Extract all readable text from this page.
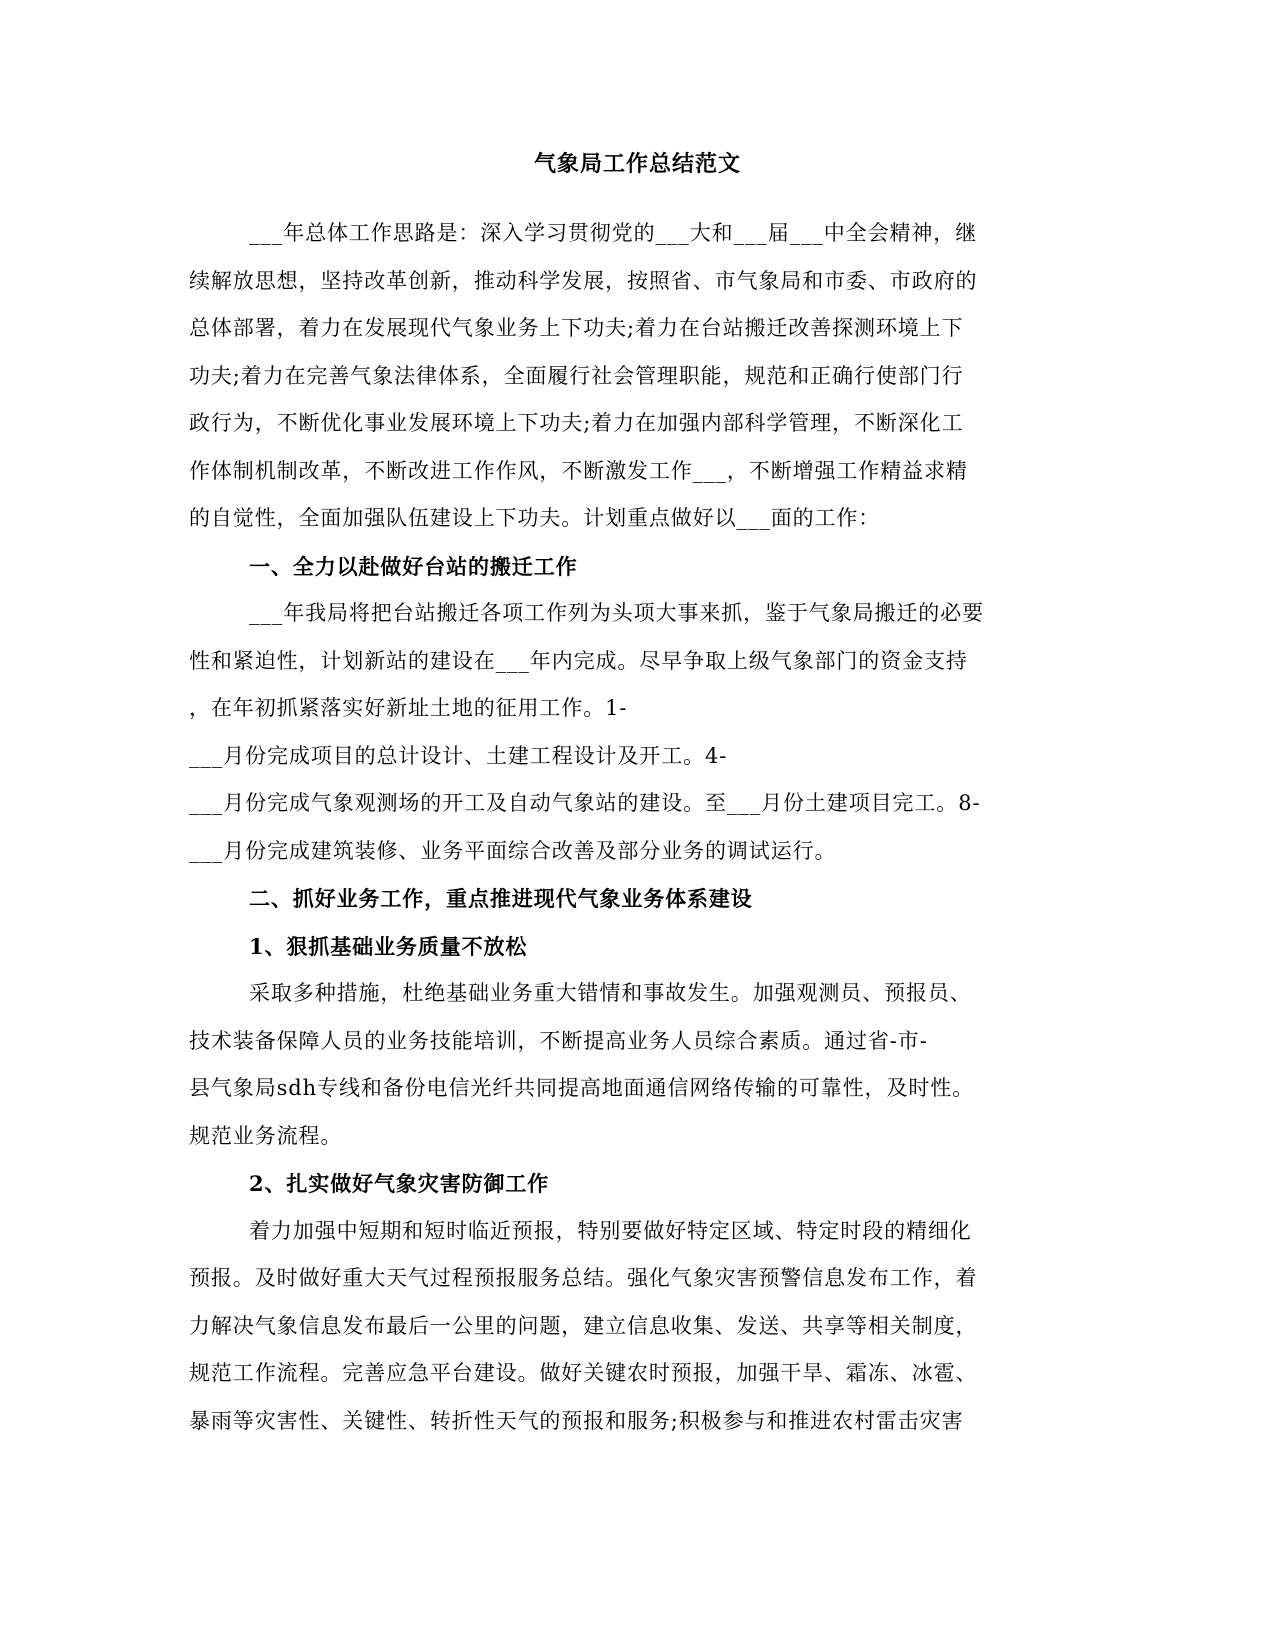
气象局工作总结范文
___年总体工作思路是：深入学习贯彻党的___大和___届___中全会精神，继
续解放思想，坚持改革创新，推动科学发展，按照省、市气象局和市委、市政府的
总体部署，着力在发展现代气象业务上下功夫;着力在台站搬迁改善探测环境上下
功夫;着力在完善气象法律体系，全面履行社会管理职能，规范和正确行使部门行
政行为，不断优化事业发展环境上下功夫;着力在加强内部科学管理，不断深化工
作体制机制改革，不断改进工作作风，不断激发工作___，不断增强工作精益求精
的自觉性，全面加强队伍建设上下功夫。计划重点做好以___面的工作：
一、全力以赴做好台站的搬迁工作
___年我局将把台站搬迁各项工作列为头项大事来抓，鉴于气象局搬迁的必要
性和紧迫性，计划新站的建设在___年内完成。尽早争取上级气象部门的资金支持
，在年初抓紧落实好新址土地的征用工作。1-
___月份完成项目的总计设计、土建工程设计及开工。4-
___月份完成气象观测场的开工及自动气象站的建设。至___月份土建项目完工。8-
___月份完成建筑装修、业务平面综合改善及部分业务的调试运行。
二、抓好业务工作，重点推进现代气象业务体系建设
1、狠抓基础业务质量不放松
采取多种措施，杜绝基础业务重大错情和事故发生。加强观测员、预报员、
技术装备保障人员的业务技能培训，不断提高业务人员综合素质。通过省-市-
县气象局sdh专线和备份电信光纤共同提高地面通信网络传输的可靠性，及时性。
规范业务流程。
2、扎实做好气象灾害防御工作
着力加强中短期和短时临近预报，特别要做好特定区域、特定时段的精细化
预报。及时做好重大天气过程预报服务总结。强化气象灾害预警信息发布工作，着
力解决气象信息发布最后一公里的问题，建立信息收集、发送、共享等相关制度，
规范工作流程。完善应急平台建设。做好关键农时预报，加强干旱、霜冻、冰雹、
暴雨等灾害性、关键性、转折性天气的预报和服务;积极参与和推进农村雷击灾害
